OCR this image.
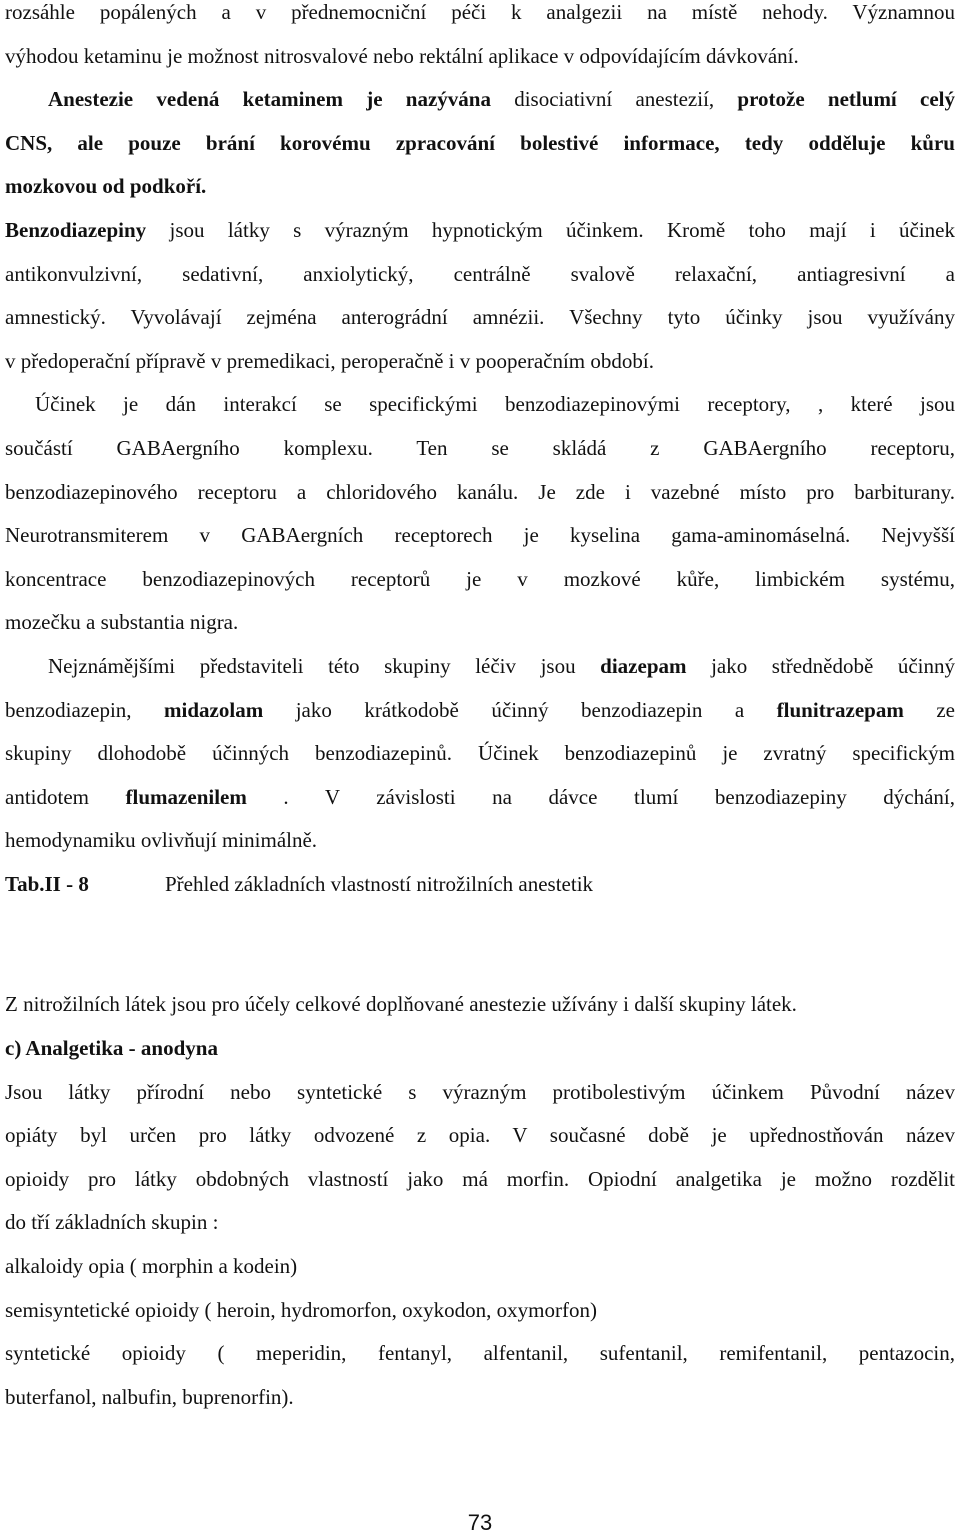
rozsáhle popálených a v přednemocniční péči k analgezii na místě nehody. Významnou
výhodou ketaminu je možnost nitrosvalové nebo rektální aplikace v odpovídajícím dávkování.
Anestezie vedená ketaminem je nazývána disociativní anestezií, protože netlumí celý
CNS, ale pouze brání korovému zpracování bolestivé informace, tedy odděluje kůru
mozkovou od podkoří.
Benzodiazepiny jsou látky s výrazným hypnotickým účinkem. Kromě toho mají i účinek
antikonvulzivní, sedativní, anxiolytický, centrálně svalově relaxační, antiagresivní a
amnestický. Vyvolávají zejména anterográdní amnézii. Všechny tyto účinky jsou využívány
v předoperační přípravě v premedikaci, peroperačně i v pooperačním období.
Účinek je dán interakcí se specifickými benzodiazepinovými receptory, , které jsou
součástí GABAergního komplexu. Ten se skládá z GABAergního receptoru,
benzodiazepinového receptoru a chloridového kanálu. Je zde i vazebné místo pro barbiturany.
Neurotransmiterem v GABAergních receptorech je kyselina gama-aminomáselná. Nejvyšší
koncentrace benzodiazepinových receptorů je v mozkové kůře, limbickém systému,
mozečku a substantia nigra.
Nejznámějšími představiteli této skupiny léčiv jsou diazepam jako střednědobě účinný
benzodiazepin, midazolam jako krátkodobě účinný benzodiazepin a flunitrazepam ze
skupiny dlohodobě účinných benzodiazepinů. Účinek benzodiazepinů je zvratný specifickým
antidotem flumazenilem . V závislosti na dávce tlumí benzodiazepiny dýchání,
hemodynamiku ovlivňují minimálně.
Tab.II - 8	Přehled základních vlastností nitrožilních anestetik
Z nitrožilních látek jsou pro účely celkové doplňované anestezie užívány i další skupiny látek.
c) Analgetika - anodyna
Jsou látky přírodní nebo syntetické s výrazným protibolestivým účinkem Původní název
opiáty byl určen pro látky odvozené z opia. V současné době je upřednostňován název
opioidy pro látky obdobných vlastností jako má morfin. Opiodní analgetika je možno rozdělit
do tří základních skupin :
alkaloidy opia ( morphin a kodein)
semisyntetické opioidy ( heroin, hydromorfon, oxykodon, oxymorfon)
syntetické opioidy ( meperidin, fentanyl, alfentanil, sufentanil, remifentanil, pentazocin,
buterfanol, nalbufin, buprenorfin).
73
